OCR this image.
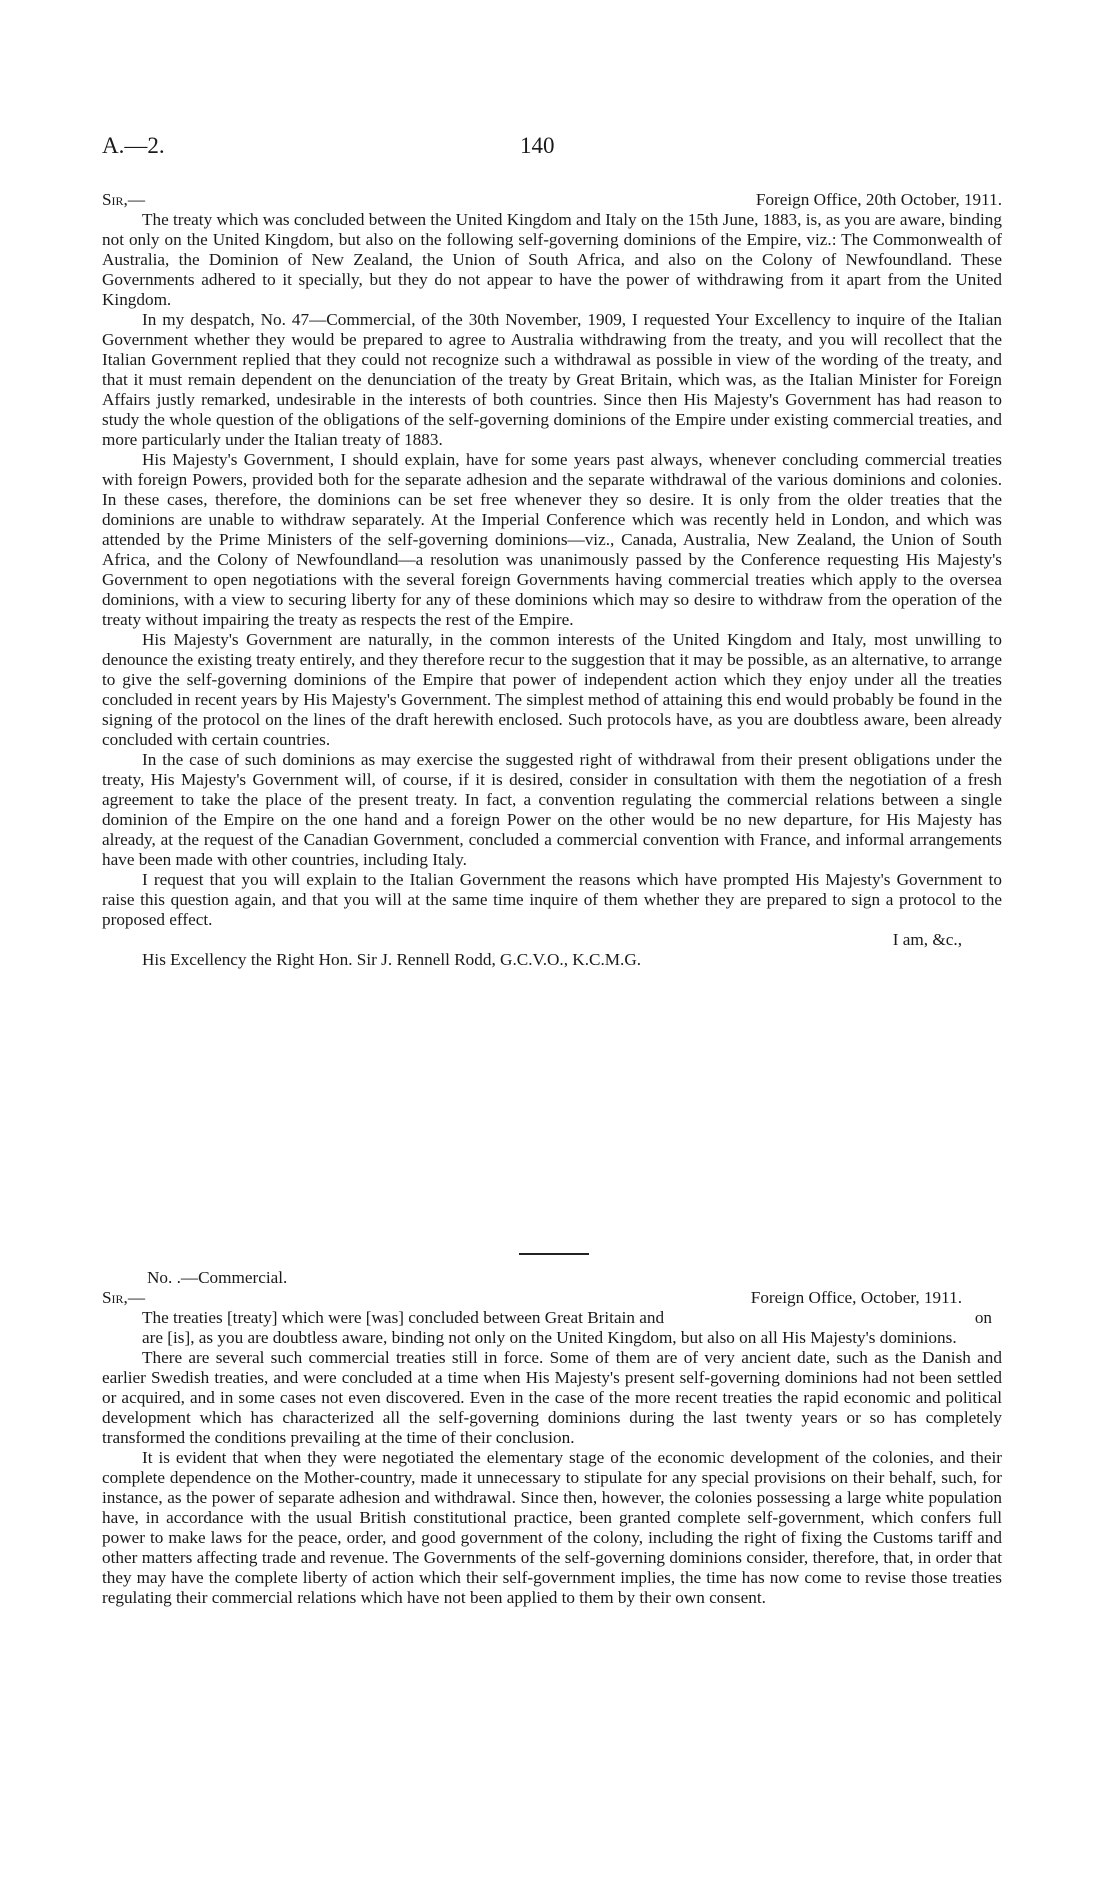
A.—2.	140
Sir,—	Foreign Office, 20th October, 1911.

The treaty which was concluded between the United Kingdom and Italy on the 15th June, 1883, is, as you are aware, binding not only on the United Kingdom, but also on the following self-governing dominions of the Empire, viz.: The Commonwealth of Australia, the Dominion of New Zealand, the Union of South Africa, and also on the Colony of Newfoundland. These Governments adhered to it specially, but they do not appear to have the power of withdrawing from it apart from the United Kingdom.

In my despatch, No. 47—Commercial, of the 30th November, 1909, I requested Your Excellency to inquire of the Italian Government whether they would be prepared to agree to Australia withdrawing from the treaty, and you will recollect that the Italian Government replied that they could not recognize such a withdrawal as possible in view of the wording of the treaty, and that it must remain dependent on the denunciation of the treaty by Great Britain, which was, as the Italian Minister for Foreign Affairs justly remarked, undesirable in the interests of both countries. Since then His Majesty's Government has had reason to study the whole question of the obligations of the self-governing dominions of the Empire under existing commercial treaties, and more particularly under the Italian treaty of 1883.

His Majesty's Government, I should explain, have for some years past always, whenever concluding commercial treaties with foreign Powers, provided both for the separate adhesion and the separate withdrawal of the various dominions and colonies. In these cases, therefore, the dominions can be set free whenever they so desire. It is only from the older treaties that the dominions are unable to withdraw separately. At the Imperial Conference which was recently held in London, and which was attended by the Prime Ministers of the self-governing dominions—viz., Canada, Australia, New Zealand, the Union of South Africa, and the Colony of Newfoundland—a resolution was unanimously passed by the Conference requesting His Majesty's Government to open negotiations with the several foreign Governments having commercial treaties which apply to the oversea dominions, with a view to securing liberty for any of these dominions which may so desire to withdraw from the operation of the treaty without impairing the treaty as respects the rest of the Empire.

His Majesty's Government are naturally, in the common interests of the United Kingdom and Italy, most unwilling to denounce the existing treaty entirely, and they therefore recur to the suggestion that it may be possible, as an alternative, to arrange to give the self-governing dominions of the Empire that power of independent action which they enjoy under all the treaties concluded in recent years by His Majesty's Government. The simplest method of attaining this end would probably be found in the signing of the protocol on the lines of the draft herewith enclosed. Such protocols have, as you are doubtless aware, been already concluded with certain countries.

In the case of such dominions as may exercise the suggested right of withdrawal from their present obligations under the treaty, His Majesty's Government will, of course, if it is desired, consider in consultation with them the negotiation of a fresh agreement to take the place of the present treaty. In fact, a convention regulating the commercial relations between a single dominion of the Empire on the one hand and a foreign Power on the other would be no new departure, for His Majesty has already, at the request of the Canadian Government, concluded a commercial convention with France, and informal arrangements have been made with other countries, including Italy.

I request that you will explain to the Italian Government the reasons which have prompted His Majesty's Government to raise this question again, and that you will at the same time inquire of them whether they are prepared to sign a protocol to the proposed effect.

I am, &c.,

His Excellency the Right Hon. Sir J. Rennell Rodd, G.C.V.O., K.C.M.G.

No. .—Commercial.
Sir,—	Foreign Office, October, 1911.
The treaties [treaty] which were [was] concluded between Great Britain and	on

are [is], as you are doubtless aware, binding not only on the United Kingdom, but also on all His Majesty's dominions.

There are several such commercial treaties still in force. Some of them are of very ancient date, such as the Danish and earlier Swedish treaties, and were concluded at a time when His Majesty's present self-governing dominions had not been settled or acquired, and in some cases not even discovered. Even in the case of the more recent treaties the rapid economic and political development which has characterized all the self-governing dominions during the last twenty years or so has completely transformed the conditions prevailing at the time of their conclusion.

It is evident that when they were negotiated the elementary stage of the economic development of the colonies, and their complete dependence on the Mother-country, made it unnecessary to stipulate for any special provisions on their behalf, such, for instance, as the power of separate adhesion and withdrawal. Since then, however, the colonies possessing a large white population have, in accordance with the usual British constitutional practice, been granted complete self-government, which confers full power to make laws for the peace, order, and good government of the colony, including the right of fixing the Customs tariff and other matters affecting trade and revenue. The Governments of the self-governing dominions consider, therefore, that, in order that they may have the complete liberty of action which their self-government implies, the time has now come to revise those treaties regulating their commercial relations which have not been applied to them by their own consent.
